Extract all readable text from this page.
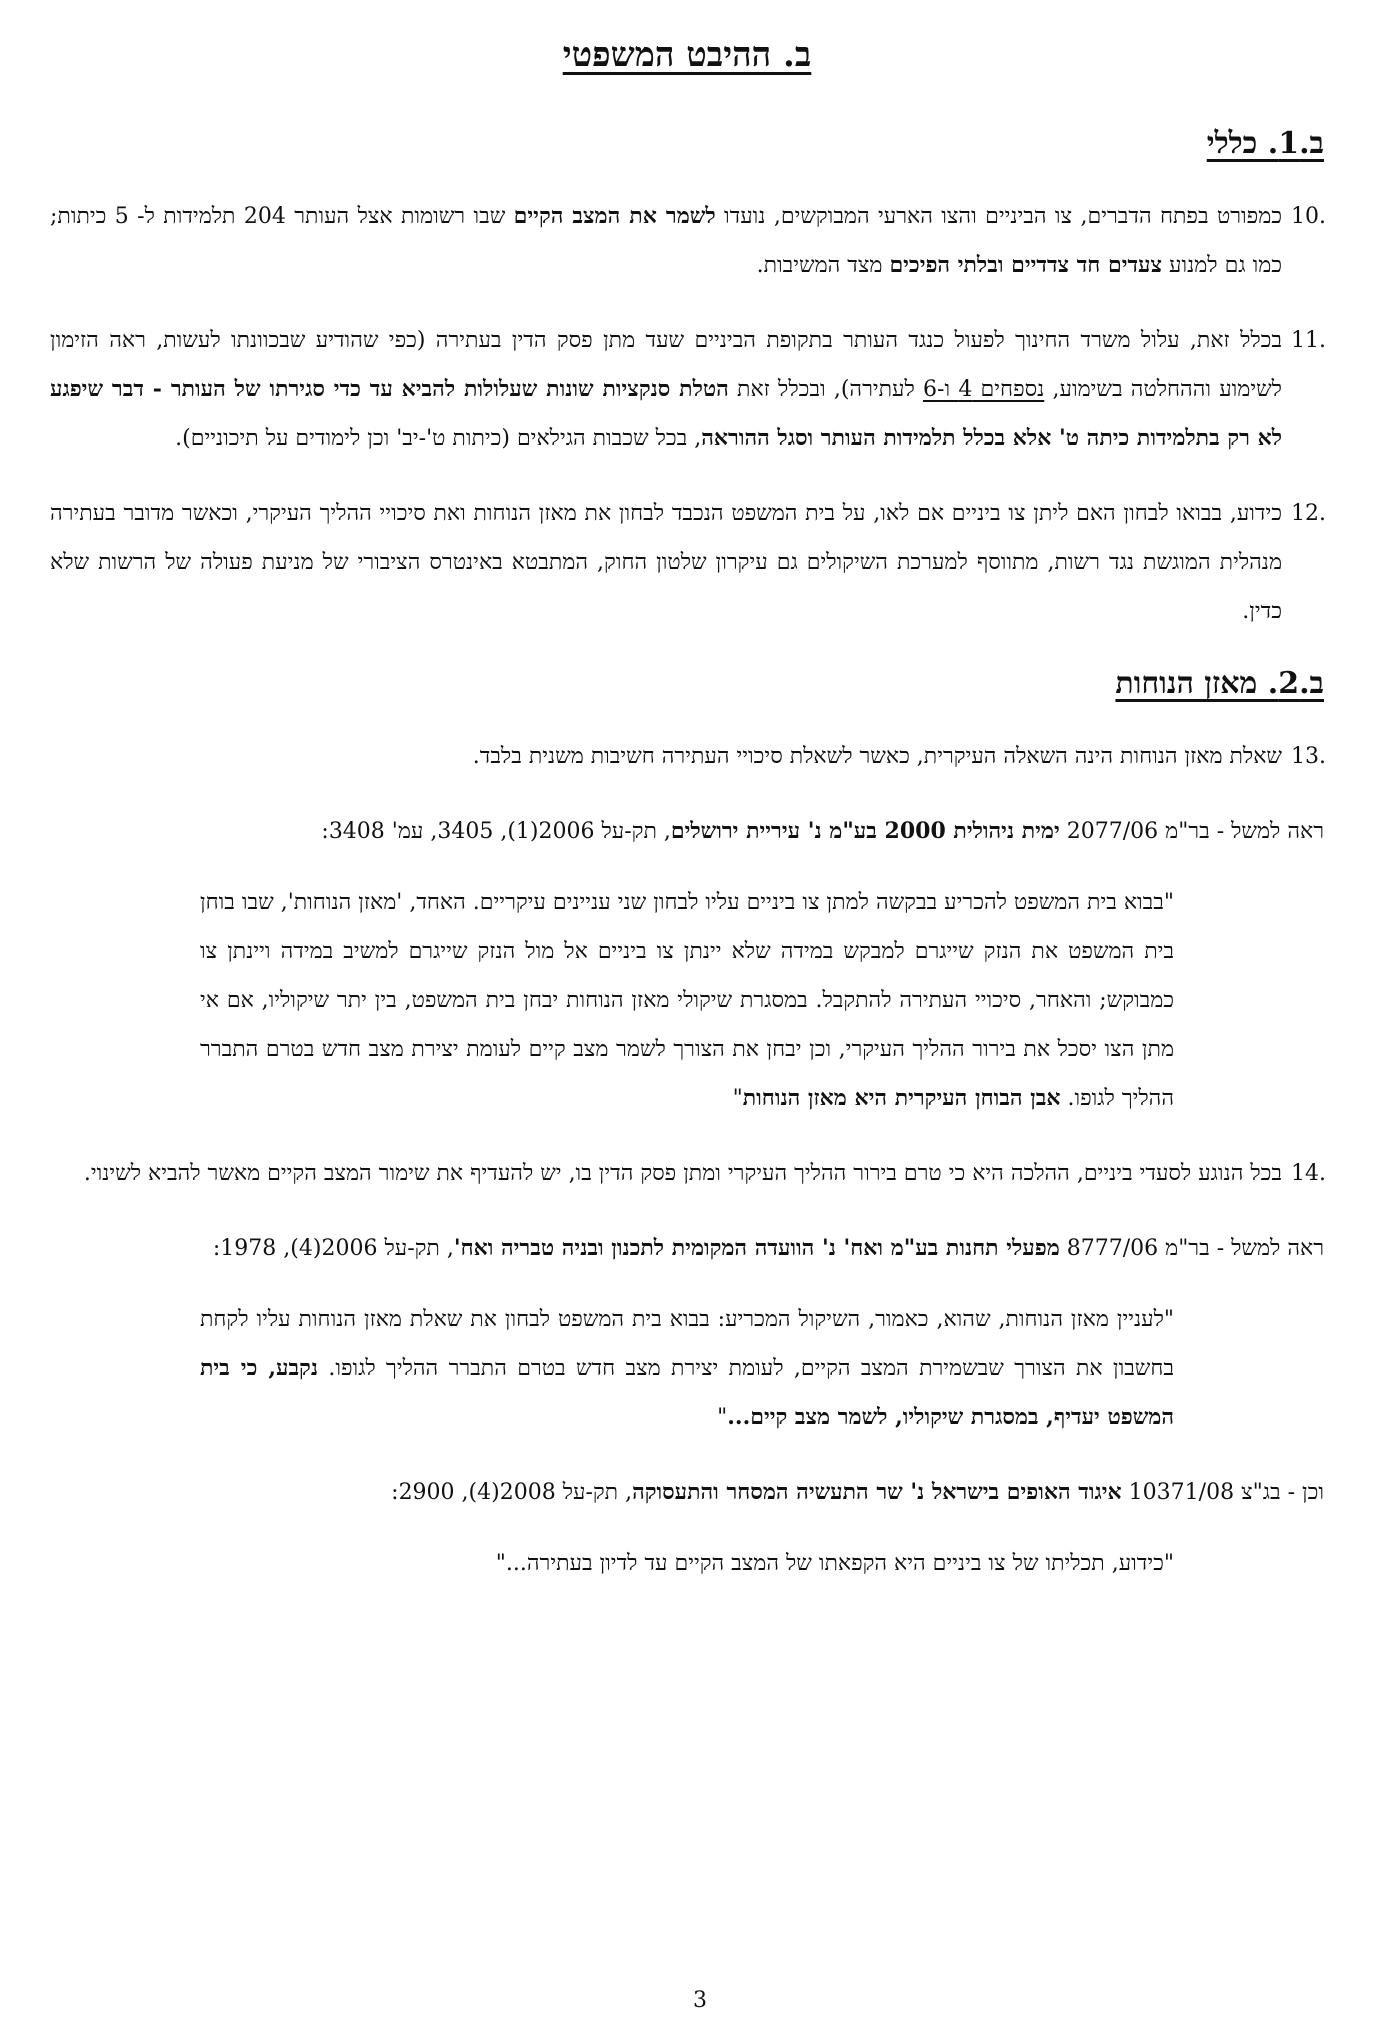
ב. ההיבט המשפטי
ב.1. כללי

10.
כמפורט בפתח הדברים, צו הביניים והצו הארעי המבוקשים, נועדו לשמר את המצב הקיים שבו רשומות אצל העותר 204 תלמידות ל- 5 כיתות; כמו גם למנוע צעדים חד צדדיים ובלתי הפיכים מצד המשיבות.

11.
בכלל זאת, עלול משרד החינוך לפעול כנגד העותר בתקופת הביניים שעד מתן פסק הדין בעתירה (כפי שהודיע שבכוונתו לעשות, ראה הזימון לשימוע וההחלטה בשימוע, נספחים 4 ו-6 לעתירה), ובכלל זאת הטלת סנקציות שונות שעלולות להביא עד כדי סגירתו של העותר - דבר שיפגע לא רק בתלמידות כיתה ט' אלא בכלל תלמידות העותר וסגל ההוראה, בכל שכבות הגילאים (כיתות ט'-יב' וכן לימודים על תיכוניים).

12.
כידוע, בבואו לבחון האם ליתן צו ביניים אם לאו, על בית המשפט הנכבד לבחון את מאזן הנוחות ואת סיכויי ההליך העיקרי, וכאשר מדובר בעתירה מנהלית המוגשת נגד רשות, מתווסף למערכת השיקולים גם עיקרון שלטון החוק, המתבטא באינטרס הציבורי של מניעת פעולה של הרשות שלא כדין.

ב.2. מאזן הנוחות

13.
שאלת מאזן הנוחות הינה השאלה העיקרית, כאשר לשאלת סיכויי העתירה חשיבות משנית בלבד.

ראה למשל - בר"מ 2077/06 ימית ניהולית 2000 בע"מ נ' עיריית ירושלים, תק-על 2006(1), 3405, עמ' 3408:

"בבוא בית המשפט להכריע בבקשה למתן צו ביניים עליו לבחון שני עניינים עיקריים. האחד, 'מאזן הנוחות', שבו בוחן בית המשפט את הנזק שייגרם למבקש במידה שלא יינתן צו ביניים אל מול הנזק שייגרם למשיב במידה ויינתן צו כמבוקש; והאחר, סיכויי העתירה להתקבל. במסגרת שיקולי מאזן הנוחות יבחן בית המשפט, בין יתר שיקוליו, אם אי מתן הצו יסכל את בירור ההליך העיקרי, וכן יבחן את הצורך לשמר מצב קיים לעומת יצירת מצב חדש בטרם התברר ההליך לגופו. אבן הבוחן העיקרית היא מאזן הנוחות"

14.
בכל הנוגע לסעדי ביניים, ההלכה היא כי טרם בירור ההליך העיקרי ומתן פסק הדין בו, יש להעדיף את שימור המצב הקיים מאשר להביא לשינוי.

ראה למשל - בר"מ 8777/06 מפעלי תחנות בע"מ ואח' נ' הוועדה המקומית לתכנון ובניה טבריה ואח', תק-על 2006(4), 1978:

"לעניין מאזן הנוחות, שהוא, כאמור, השיקול המכריע: בבוא בית המשפט לבחון את שאלת מאזן הנוחות עליו לקחת בחשבון את הצורך שבשמירת המצב הקיים, לעומת יצירת מצב חדש בטרם התברר ההליך לגופו. נקבע, כי בית המשפט יעדיף, במסגרת שיקוליו, לשמר מצב קיים..."

וכן - בג"צ 10371/08 איגוד האופים בישראל נ' שר התעשיה המסחר והתעסוקה, תק-על 2008(4), 2900:

"כידוע, תכליתו של צו ביניים היא הקפאתו של המצב הקיים עד לדיון בעתירה..."

3
